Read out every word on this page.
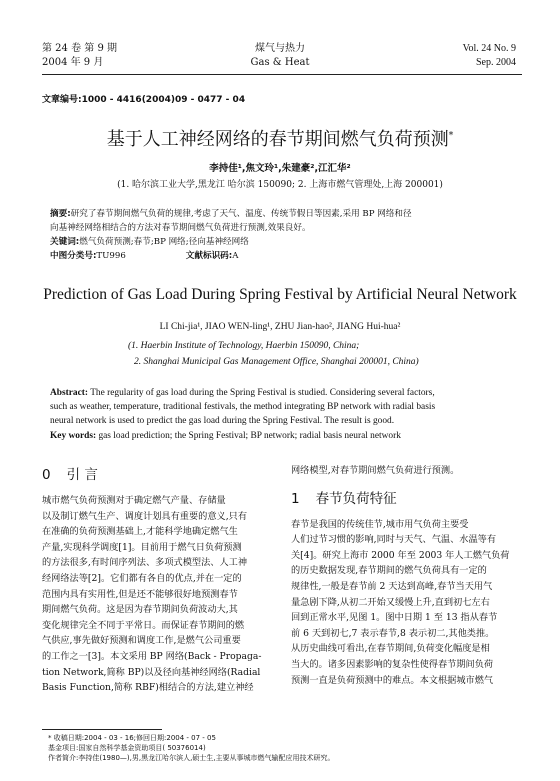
第 24 卷 第 9 期
2004 年 9 月
煤气与热力
Gas & Heat
Vol. 24 No. 9
Sep. 2004
文章编号:1000 - 4416(2004)09 - 0477 - 04
基于人工神经网络的春节期间燃气负荷预测*
李持佳¹,焦文玲¹,朱建豪²,江汇华²
(1. 哈尔滨工业大学,黑龙江 哈尔滨 150090; 2. 上海市燃气管理处,上海 200001)
摘要:研究了春节期间燃气负荷的规律,考虑了天气、温度、传统节假日等因素,采用 BP 网络和径
向基神经网络相结合的方法对春节期间燃气负荷进行预测,效果良好。
关键词:燃气负荷预测;春节;BP 网络;径向基神经网络
中图分类号:TU996	文献标识码:A
Prediction of Gas Load During Spring Festival by Artificial Neural Network
LI Chi-jia¹, JIAO WEN-ling¹, ZHU Jian-hao², JIANG Hui-hua²
(1. Haerbin Institute of Technology, Haerbin 150090, China;
2. Shanghai Municipal Gas Management Office, Shanghai 200001, China)
Abstract: The regularity of gas load during the Spring Festival is studied. Considering several factors,
such as weather, temperature, traditional festivals, the method integrating BP network with radial basis
neural network is used to predict the gas load during the Spring Festival. The result is good.
Key words: gas load prediction; the Spring Festival; BP network; radial basis neural network
0 引 言
城市燃气负荷预测对于确定燃气产量、存储量
以及制订燃气生产、调度计划具有重要的意义,只有
在准确的负荷预测基础上,才能科学地确定燃气生
产量,实现科学调度[1]。目前用于燃气日负荷预测
的方法很多,有时间序列法、多项式模型法、人工神
经网络法等[2]。它们都有各自的优点,并在一定的
范围内具有实用性,但是还不能够很好地预测春节
期间燃气负荷。这是因为春节期间负荷波动大,其
变化规律完全不同于平常日。而保证春节期间的燃
气供应,事先做好预测和调度工作,是燃气公司重要
的工作之一[3]。本文采用 BP 网络(Back - Propaga-
tion Network,简称 BP)以及径向基神经网络(Radial
Basis Function,简称 RBF)相结合的方法,建立神经
网络模型,对春节期间燃气负荷进行预测。
1 春节负荷特征
春节是我国的传统佳节,城市用气负荷主要受
人们过节习惯的影响,同时与天气、气温、水温等有
关[4]。研究上海市 2000 年至 2003 年人工燃气负荷
的历史数据发现,春节期间的燃气负荷具有一定的
规律性,一般是春节前 2 天达到高峰,春节当天用气
量急剧下降,从初二开始又缓慢上升,直到初七左右
回到正常水平,见图 1。图中日期 1 至 13 指从春节
前 6 天到初七,7 表示春节,8 表示初二,其他类推。
从历史曲线可看出,在春节期间,负荷变化幅度是相
当大的。诸多因素影响的复杂性使得春节期间负荷
预测一直是负荷预测中的难点。本文根据城市燃气
* 收稿日期:2004 - 03 - 16;修回日期:2004 - 07 - 05
基金项目:国家自然科学基金资助项目( 50376014)
作者简介:李持佳(1980—),男,黑龙江哈尔滨人,硕士生,主要从事城市燃气输配应用技术研究。
